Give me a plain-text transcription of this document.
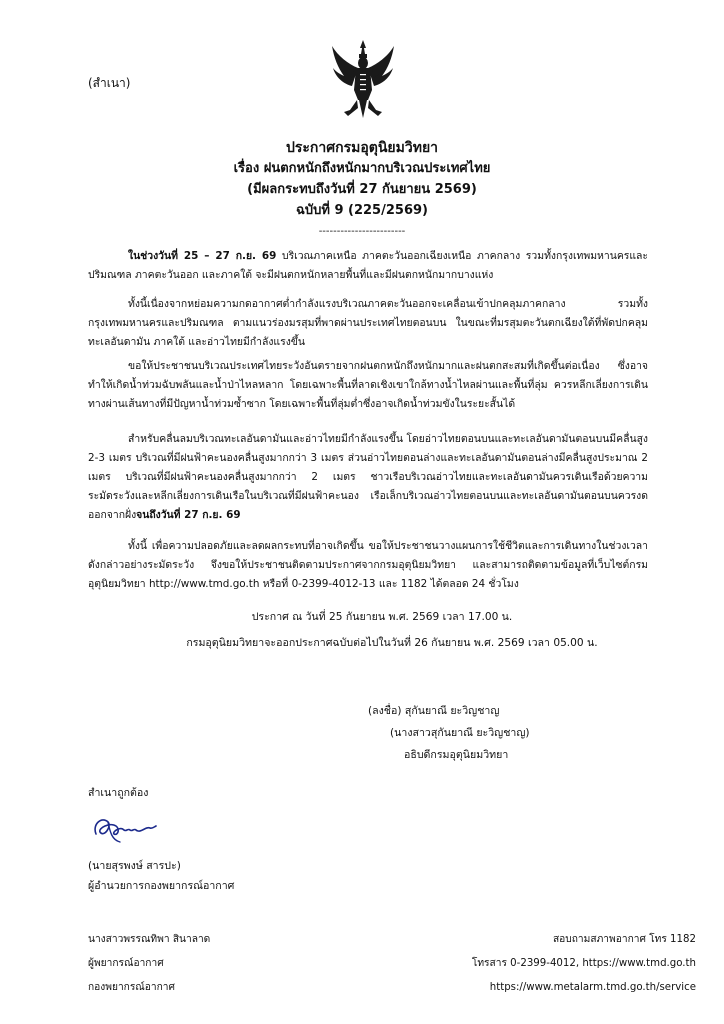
(สำเนา)
ประกาศกรมอุตุนิยมวิทยา
เรื่อง ฝนตกหนักถึงหนักมากบริเวณประเทศไทย
(มีผลกระทบถึงวันที่ 27 กันยายน 2569)
ฉบับที่ 9 (225/2569)
------------------------

ในช่วงวันที่ 25 – 27 ก.ย. 69 บริเวณภาคเหนือ ภาคตะวันออกเฉียงเหนือ ภาคกลาง รวมทั้งกรุงเทพมหานครและปริมณฑล ภาคตะวันออก และภาคใต้ จะมีฝนตกหนักหลายพื้นที่และมีฝนตกหนักมากบางแห่ง

ทั้งนี้เนื่องจากหย่อมความกดอากาศต่ำกำลังแรงบริเวณภาคตะวันออกจะเคลื่อนเข้าปกคลุมภาคกลาง รวมทั้งกรุงเทพมหานครและปริมณฑล ตามแนวร่องมรสุมที่พาดผ่านประเทศไทยตอนบน ในขณะที่มรสุมตะวันตกเฉียงใต้ที่พัดปกคลุมทะเลอันดามัน ภาคใต้ และอ่าวไทยมีกำลังแรงขึ้น

ขอให้ประชาชนบริเวณประเทศไทยระวังอันตรายจากฝนตกหนักถึงหนักมากและฝนตกสะสมที่เกิดขึ้นต่อเนื่อง ซึ่งอาจทำให้เกิดน้ำท่วมฉับพลันและน้ำป่าไหลหลาก โดยเฉพาะพื้นที่ลาดเชิงเขาใกล้ทางน้ำไหลผ่านและพื้นที่ลุ่ม ควรหลีกเลี่ยงการเดินทางผ่านเส้นทางที่มีปัญหาน้ำท่วมซ้ำซาก โดยเฉพาะพื้นที่ลุ่มต่ำซึ่งอาจเกิดน้ำท่วมขังในระยะสั้นได้

สำหรับคลื่นลมบริเวณทะเลอันดามันและอ่าวไทยมีกำลังแรงขึ้น โดยอ่าวไทยตอนบนและทะเลอันดามันตอนบนมีคลื่นสูง 2-3 เมตร บริเวณที่มีฝนฟ้าคะนองคลื่นสูงมากกว่า 3 เมตร ส่วนอ่าวไทยตอนล่างและทะเลอันดามันตอนล่างมีคลื่นสูงประมาณ 2 เมตร บริเวณที่มีฝนฟ้าคะนองคลื่นสูงมากกว่า 2 เมตร ชาวเรือบริเวณอ่าวไทยและทะเลอันดามันควรเดินเรือด้วยความระมัดระวังและหลีกเลี่ยงการเดินเรือในบริเวณที่มีฝนฟ้าคะนอง เรือเล็กบริเวณอ่าวไทยตอนบนและทะเลอันดามันตอนบนควรงดออกจากฝั่งจนถึงวันที่ 27 ก.ย. 69

ทั้งนี้ เพื่อความปลอดภัยและลดผลกระทบที่อาจเกิดขึ้น ขอให้ประชาชนวางแผนการใช้ชีวิตและการเดินทางในช่วงเวลาดังกล่าวอย่างระมัดระวัง จึงขอให้ประชาชนติดตามประกาศจากกรมอุตุนิยมวิทยา และสามารถติดตามข้อมูลที่เว็บไซต์กรมอุตุนิยมวิทยา http://www.tmd.go.th หรือที่ 0-2399-4012-13 และ 1182 ได้ตลอด 24 ชั่วโมง

ประกาศ ณ วันที่ 25 กันยายน พ.ศ. 2569 เวลา 17.00 น.
กรมอุตุนิยมวิทยาจะออกประกาศฉบับต่อไปในวันที่ 26 กันยายน พ.ศ. 2569 เวลา 05.00 น.
(ลงชื่อ) สุกันยาณี ยะวิญชาญ
(นางสาวสุกันยาณี ยะวิญชาญ)
อธิบดีกรมอุตุนิยมวิทยา
สำเนาถูกต้อง
(นายสุรพงษ์ สารปะ)
ผู้อำนวยการกองพยากรณ์อากาศ
นางสาวพรรณทิพา สินาลาด
ผู้พยากรณ์อากาศ
กองพยากรณ์อากาศ
สอบถามสภาพอากาศ โทร 1182
โทรสาร 0-2399-4012, https://www.tmd.go.th
https://www.metalarm.tmd.go.th/service
